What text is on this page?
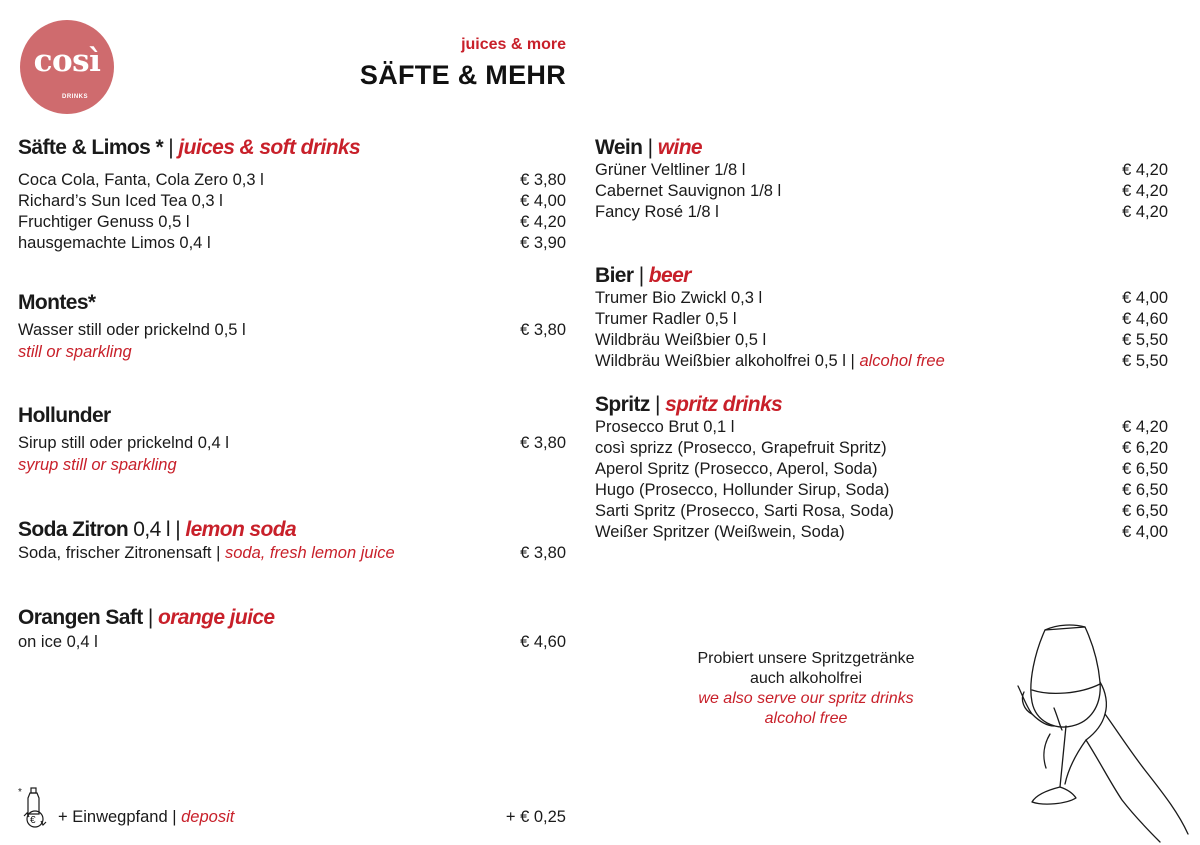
così
DRINKS
juices & more
SÄFTE & MEHR
Säfte & Limos * | juices & soft drinks
Coca Cola, Fanta, Cola Zero 0,3 l	€ 3,80
Richard’s Sun Iced Tea 0,3 l	€ 4,00
Fruchtiger Genuss 0,5 l	€ 4,20
hausgemachte Limos 0,4 l	€ 3,90
Montes*
Wasser still oder prickelnd 0,5 l	€ 3,80
still or sparkling
Hollunder
Sirup still oder prickelnd 0,4 l	€ 3,80
syrup still or sparkling
Soda Zitron 0,4 l | lemon soda
Soda, frischer Zitronensaft | soda, fresh lemon juice	€ 3,80
Orangen Saft | orange juice
on ice 0,4 l	€ 4,60
Wein | wine
Grüner Veltliner 1/8 l	€ 4,20
Cabernet Sauvignon 1/8 l	€ 4,20
Fancy Rosé 1/8 l	€ 4,20
Bier | beer
Trumer Bio Zwickl 0,3 l	€ 4,00
Trumer Radler 0,5 l	€ 4,60
Wildbräu Weißbier 0,5 l	€ 5,50
Wildbräu Weißbier alkoholfrei 0,5 l | alcohol free	€ 5,50
Spritz | spritz drinks
Prosecco Brut 0,1 l	€ 4,20
così sprizz (Prosecco, Grapefruit Spritz)	€ 6,20
Aperol Spritz (Prosecco, Aperol, Soda)	€ 6,50
Hugo (Prosecco, Hollunder Sirup, Soda)	€ 6,50
Sarti Spritz (Prosecco, Sarti Rosa, Soda)	€ 6,50
Weißer Spritzer (Weißwein, Soda)	€ 4,00
Probiert unsere Spritzgetränke
auch alkoholfrei
we also serve our spritz drinks
alcohol free
*
€ + Einwegpfand | deposit	+ € 0,25
